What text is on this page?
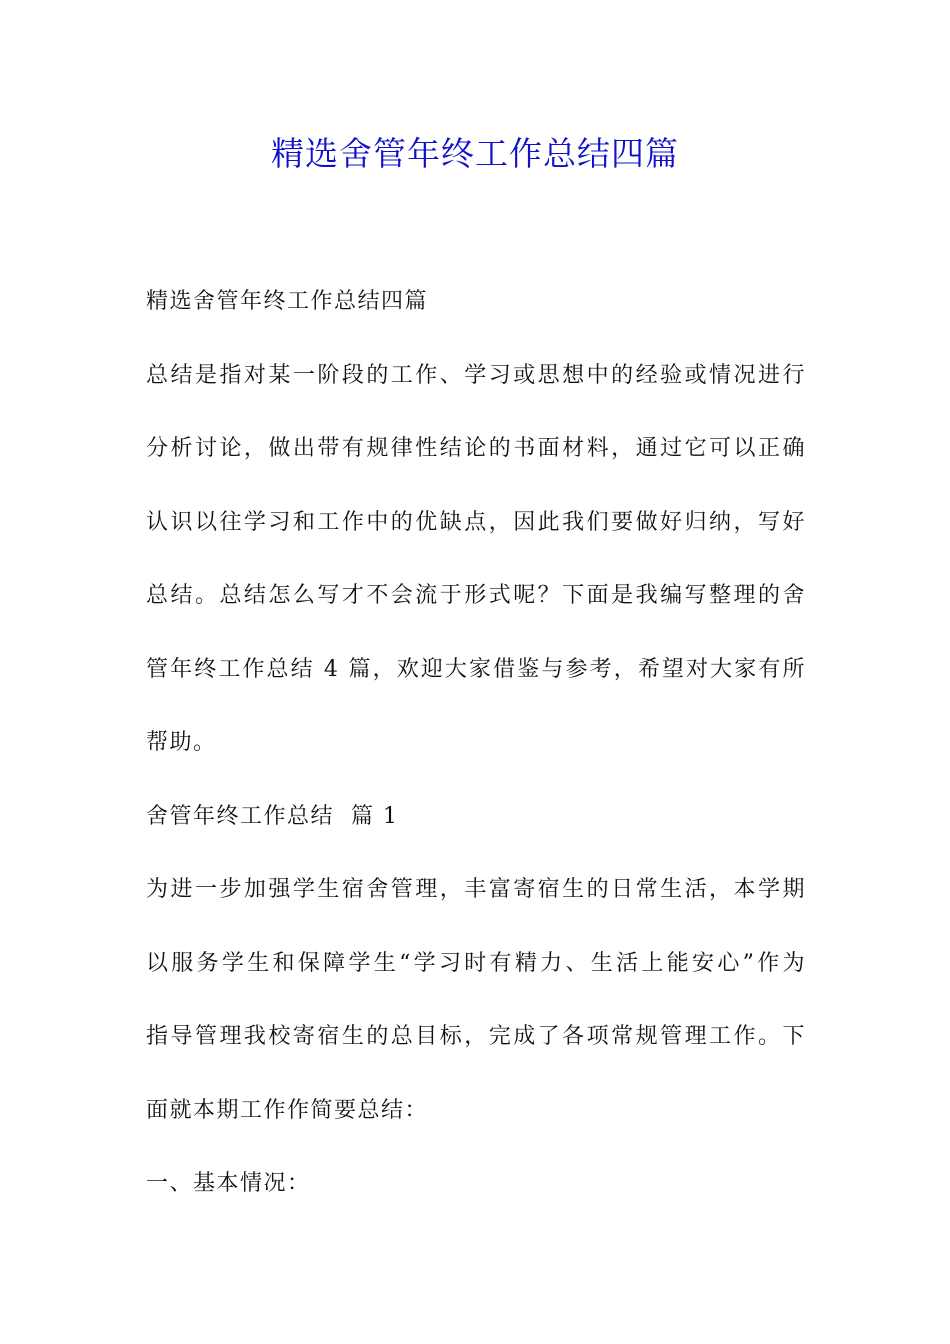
精选舍管年终工作总结四篇
精选舍管年终工作总结四篇
总结是指对某一阶段的工作、学习或思想中的经验或情况进行
分析讨论，做出带有规律性结论的书面材料，通过它可以正确
认识以往学习和工作中的优缺点，因此我们要做好归纳，写好
总结。总结怎么写才不会流于形式呢？下面是我编写整理的舍
管年终工作总结 4 篇，欢迎大家借鉴与参考，希望对大家有所
帮助。
舍管年终工作总结  篇 1
为进一步加强学生宿舍管理，丰富寄宿生的日常生活，本学期
以服务学生和保障学生“学习时有精力、生活上能安心”作为
指导管理我校寄宿生的总目标，完成了各项常规管理工作。下
面就本期工作作简要总结：
一、基本情况：
